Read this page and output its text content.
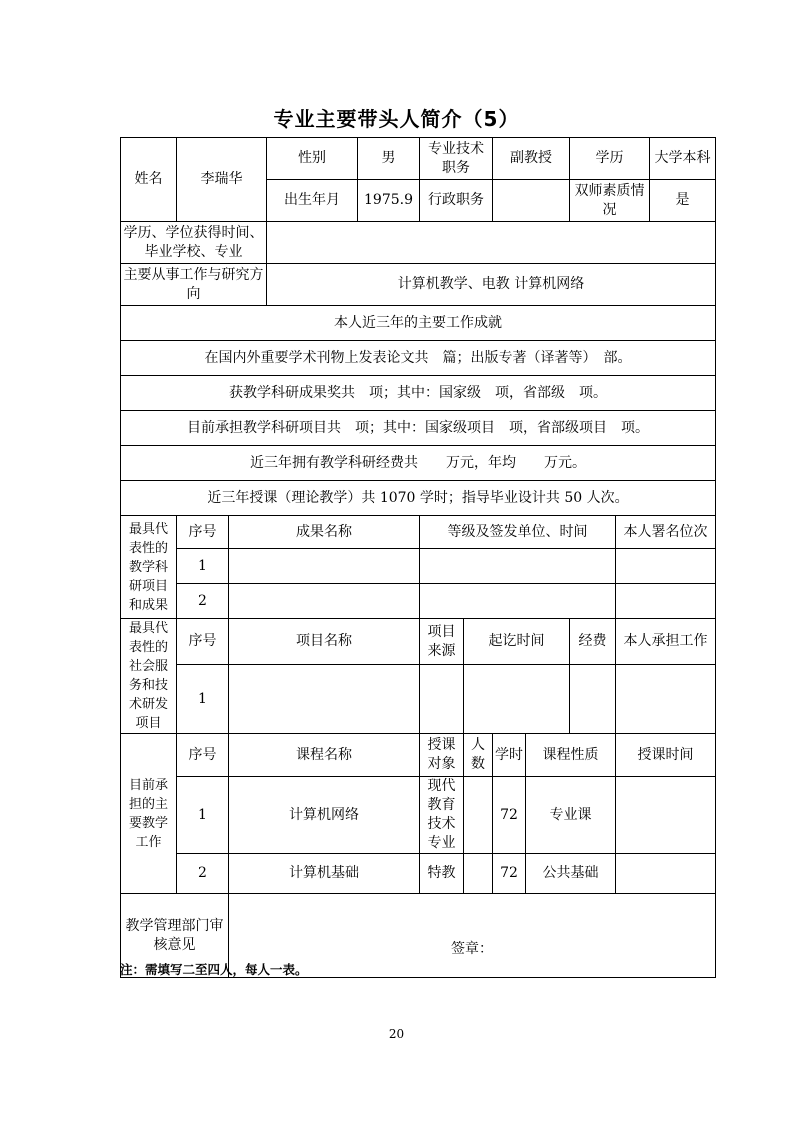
专业主要带头人简介（5）
姓名	李瑞华		性别	男	专业技术职务		副教授		学历		大学本科
			出生年月	1975.9	行政职务				双师素质情况		是
学历、学位获得时间、毕业学校、专业											
主要从事工作与研究方向			计算机教学、电教 计算机网络								
本人近三年的主要工作成就											
在国内外重要学术刊物上发表论文共　篇；出版专著（译著等）　部。											
获教学科研成果奖共　项；其中：国家级　项，省部级　项。											
目前承担教学科研项目共　项；其中：国家级项目　项，省部级项目　项。											
近三年拥有教学科研经费共　　万元，年均　　万元。											
近三年授课（理论教学）共 1070 学时；指导毕业设计共 50 人次。											
最具代表性的教学科研项目和成果	序号	成果名称			等级及签发单位、时间					本人署名位次	
	1										
	2										
最具代表性的社会服务和技术研发项目	序号	项目名称			项目来源	起讫时间			经费	本人承担工作	
	1										
目前承担的主要教学工作	序号	课程名称			授课对象	人数	学时	课程性质		授课时间	
	1	计算机网络			现代教育技术专业		72	专业课			
	2	计算机基础			特教		72	公共基础			
教学管理部门审核意见		签章：									
注：需填写二至四人，每人一表。
20
